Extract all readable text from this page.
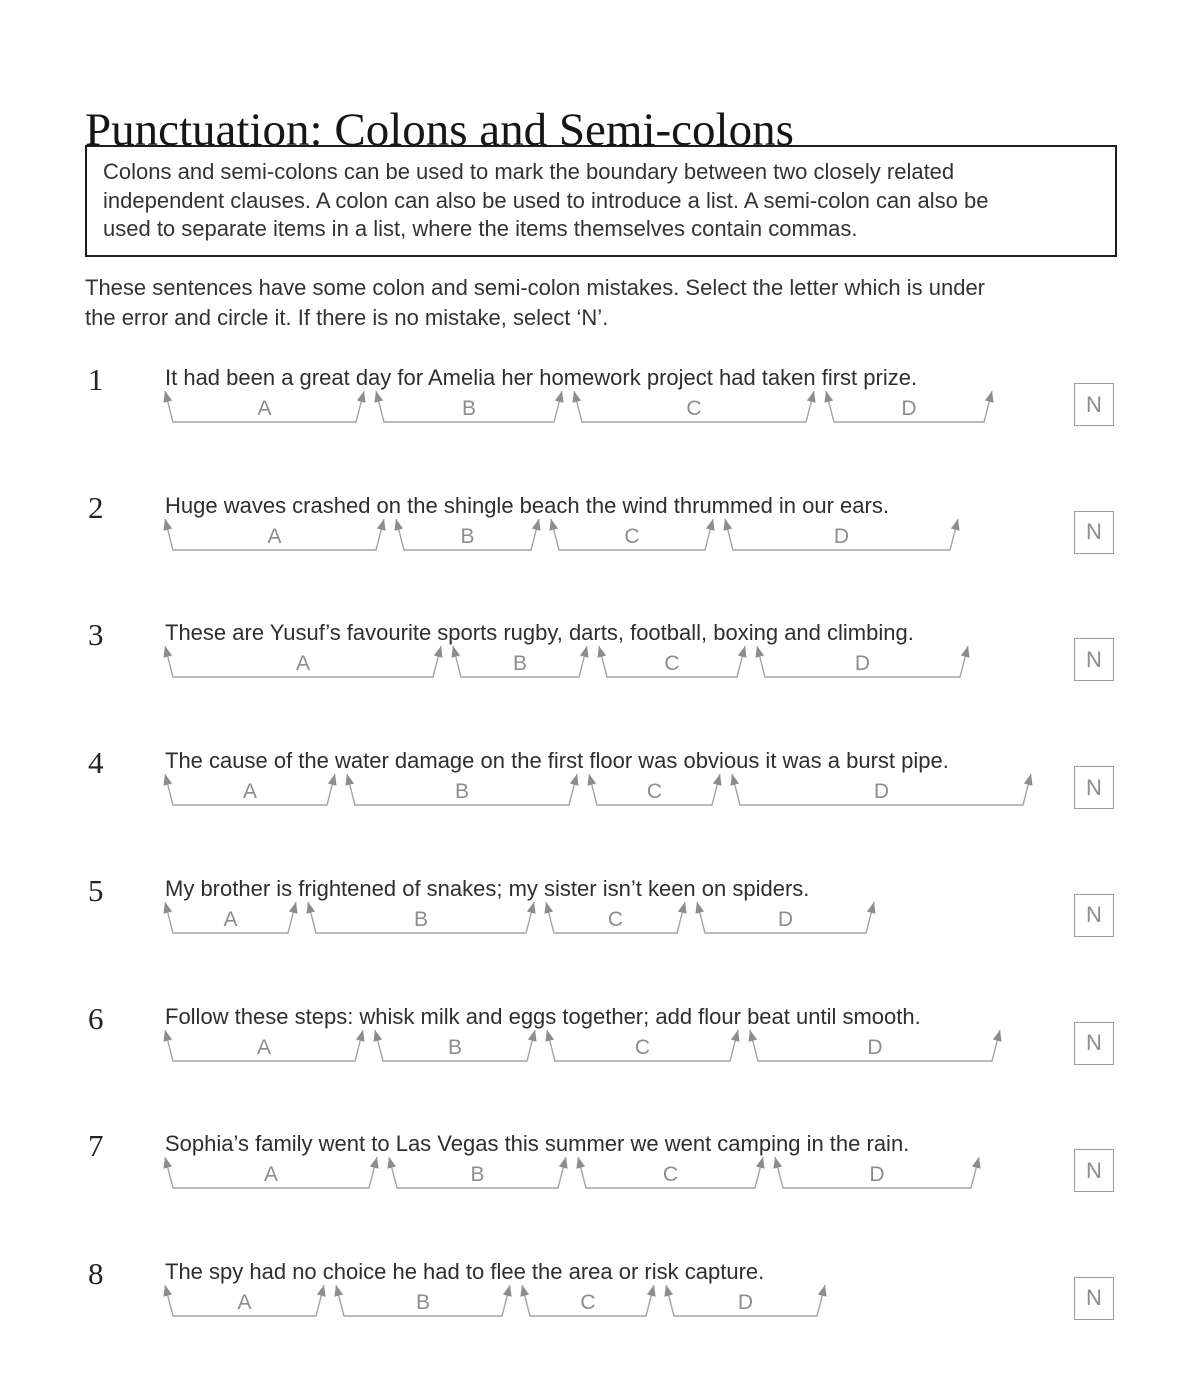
Punctuation: Colons and Semi-colons
Colons and semi-colons can be used to mark the boundary between two closely related
independent clauses. A colon can also be used to introduce a list. A semi-colon can also be
used to separate items in a list, where the items themselves contain commas.
These sentences have some colon and semi-colon mistakes. Select the letter which is under
the error and circle it. If there is no mistake, select ‘N’.
1	It had been a great day for Amelia her homework project had taken first prize.
A	B	C	D	N
2	Huge waves crashed on the shingle beach the wind thrummed in our ears.
A	B	C	D	N
3	These are Yusuf’s favourite sports rugby, darts, football, boxing and climbing.
A	B	C	D	N
4	The cause of the water damage on the first floor was obvious it was a burst pipe.
A	B	C	D	N
5	My brother is frightened of snakes; my sister isn’t keen on spiders.
A	B	C	D	N
6	Follow these steps: whisk milk and eggs together; add flour beat until smooth.
A	B	C	D	N
7	Sophia’s family went to Las Vegas this summer we went camping in the rain.
A	B	C	D	N
8	The spy had no choice he had to flee the area or risk capture.
A	B	C	D	N
